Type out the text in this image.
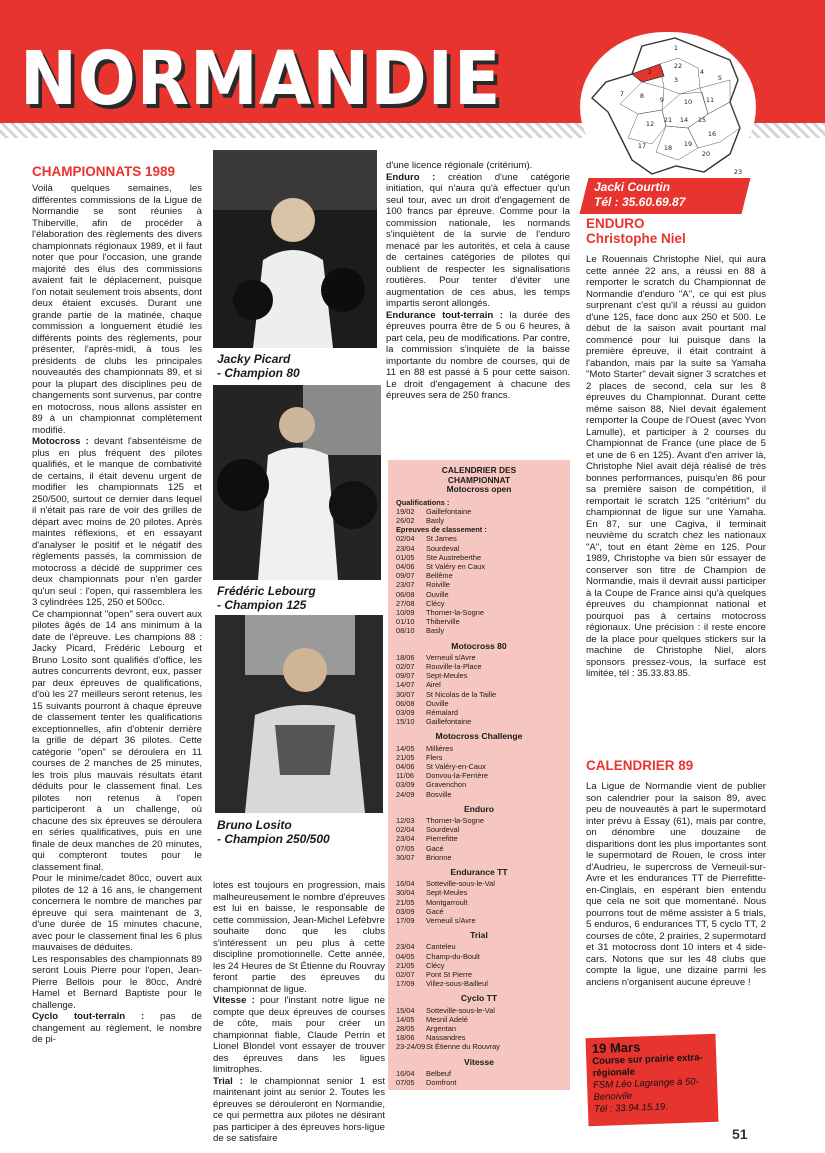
NORMANDIE	1
22
2	4
5
3
8 9	10 11
7
12 21 14 15
16
17	18 19
20
23
Jacki Courtin
Tél : 35.60.69.87
CHAMPIONNATS 1989

Voilà quelques semaines, les différentes commissions de la Ligue de Normandie se sont réunies à Thiberville, afin de procéder à l'élaboration des règlements des divers championnats régionaux 1989, et il faut noter que pour l'occasion, une grande majorité des élus des commissions avaient fait le déplacement, puisque l'on notait seulement trois absents, dont deux étaient excusés. Durant une grande partie de la matinée, chaque commission a longuement étudié les différents points des règlements, pour présenter, l'après-midi, à tous les présidents de clubs les principales nouveautés des championnats 89, et si pour la plupart des disciplines peu de changements sont survenus, par contre en motocross, nous allons assister en 89 à un championnat complètement modifié.

Motocross : devant l'absentéisme de plus en plus fréquent des pilotes qualifiés, et le manque de combativité de certains, il était devenu urgent de modifier les championnats 125 et 250/500, surtout ce dernier dans lequel il n'était pas rare de voir des grilles de départ avec moins de 20 pilotes. Après maintes réflexions, et en essayant d'analyser le positif et le négatif des règlements passés, la commission de motocross a décidé de supprimer ces deux championnats pour n'en garder qu'un seul : l'open, qui rassemblera les 3 cylindrées 125, 250 et 500cc.

Ce championnat "open" sera ouvert aux pilotes âgés de 14 ans minimum à la date de l'épreuve. Les champions 88 : Jacky Picard, Frédéric Lebourg et Bruno Losito sont qualifiés d'office, les autres concurrents devront, eux, passer par deux épreuves de qualifications, d'où les 27 meilleurs seront retenus, les 15 suivants pourront à chaque épreuve de classement tenter les qualifications exceptionnelles, afin d'obtenir derrière la grille de départ 36 pilotes. Cette catégorie "open" se déroulera en 11 courses de 2 manches de 25 minutes, les trois plus mauvais résultats étant déduits pour le classement final. Les pilotes non retenus à l'open participeront à un challenge, où chacune des six épreuves se déroulera en séries qualificatives, puis en une finale de deux manches de 20 minutes, qui compteront toutes pour le classement final.

Pour le minime/cadet 80cc, ouvert aux pilotes de 12 à 16 ans, le changement concernera le nombre de manches par épreuve qui sera maintenant de 3, d'une durée de 15 minutes chacune, avec pour le classement final les 6 plus mauvaises de déduites.

Les responsables des championnats 89 seront Louis Pierre pour l'open, Jean-Pierre Bellois pour le 80cc, André Hamel et Bernard Baptiste pour le challenge.

Cyclo tout-terrain : pas de changement au règlement, le nombre de pi-

Jacky Picard
- Champion 80
Frédéric Lebourg
- Champion 125
Bruno Losito
- Champion 250/500

lotes est toujours en progression, mais malheureusement le nombre d'épreuves est lui en baisse, le responsable de cette commission, Jean-Michel Lefèbvre souhaite donc que les clubs s'intéressent un peu plus à cette discipline promotionnelle. Cette année, les 24 Heures de St Étienne du Rouvray feront partie des épreuves du championnat de ligue.

Vitesse : pour l'instant notre ligue ne compte que deux épreuves de courses de côte, mais pour créer un championnat fiable, Claude Perrin et Lionel Blondel vont essayer de trouver des épreuves dans les ligues limitrophes.

Trial : le championnat senior 1 est maintenant joint au senior 2. Toutes les épreuves se dérouleront en Normandie, ce qui permettra aux pilotes ne désirant pas participer à des épreuves hors-ligue de se satisfaire

d'une licence régionale (critérium).

Enduro : création d'une catégorie initiation, qui n'aura qu'à effectuer qu'un seul tour, avec un droit d'engagement de 100 francs par épreuve. Comme pour la commission nationale, les normands s'inquiètent de la survie de l'enduro menacé par les autorités, et cela à cause de certaines catégories de pilotes qui oublient de respecter les signalisations routières. Pour tenter d'éviter une augmentation de ces abus, les temps impartis seront allongés.

Endurance tout-terrain : la durée des épreuves pourra être de 5 ou 6 heures, à part cela, peu de modifications. Par contre, la commission s'inquiète de la baisse importante du nombre de courses, qui de 11 en 88 est passé à 5 pour cette saison. Le droit d'engagement à chacune des épreuves sera de 250 francs.

CALENDRIER DES
CHAMPIONNAT
Motocross open
Qualifications :
19/02	Gaillefontaine
26/02	Basly
Epreuves de classement :
02/04	St James
23/04	Sourdeval
01/05	Ste Austreberthe
04/06	St Valéry en Caux
09/07	Bellême
23/07	Roiville
06/08	Ouville
27/08	Clécy
10/09	Thorner-la-Sogne
01/10	Thiberville
08/10	Basly
Motocross 80
18/06	Verneuil s/Avre
02/07	Rouville-la-Place
09/07	Sept-Meules
14/07	Airel
30/07	St Nicolas de la Taille
06/08	Ouville
03/09	Rémalard
15/10	Gaillefontaine
Motocross Challenge
14/05	Millières
21/05	Flers
04/06	St Valéry-en-Caux
11/06	Donvou-la-Ferrière
03/09	Gravenchon
24/09	Bosville
Enduro
12/03	Thorner-la-Sogne
02/04	Sourdeval
23/04	Pierrefitte
07/05	Gacé
30/07	Brionne
Endurance TT
16/04	Sotteville-sous-le-Val
30/04	Sept-Meules
21/05	Montgarroult
03/09	Gacé
17/09	Verneuil s/Avre
Trial
23/04	Canteleu
04/05	Champ-du-Boult
21/05	Clécy
02/07	Pont St Pierre
17/09	Villez-sous-Bailleul
Cyclo TT
15/04	Sotteville-sous-le-Val
14/05	Mesnil Adelé
28/05	Argentan
18/06	Nassandres
23-24/09 St Étienne du Rouvray
Vitesse
16/04	Belbeuf
07/05	Domfront
ENDURO
Christophe Niel

Le Rouennais Christophe Niel, qui aura cette année 22 ans, a réussi en 88 à remporter le scratch du Championnat de Normandie d'enduro "A", ce qui est plus surprenant c'est qu'il a réussi au guidon d'une 125, face donc aux 250 et 500. Le début de la saison avait pourtant mal commencé pour lui puisque dans la première épreuve, il était contraint à l'abandon, mais par la suite sa Yamaha "Moto Starter" devait signer 3 scratches et 2 places de second, cela sur les 8 épreuves du Championnat. Durant cette même saison 88, Niel devait également remporter la Coupe de l'Ouest (avec Yvon Lamulle), et participer à 2 courses du Championnat de France (une place de 5 et une de 6 en 125). Avant d'en arriver là, Christophe Niel avait déjà réalisé de très bonnes performances, puisqu'en 86 pour sa première saison de compétition, il remportait le scratch 125 "critérium" du championnat de ligue sur une Yamaha. En 87, sur une Cagiva, il terminait neuvième du scratch chez les nationaux "A", tout en étant 2ème en 125. Pour 1989, Christophe va bien sûr essayer de conserver son titre de Champion de Normandie, mais il devrait aussi participer à la Coupe de France ainsi qu'à quelques épreuves du championnat national et pourquoi pas à certains motocross régionaux. Une précision : il reste encore de la place pour quelques stickers sur la machine de Christophe Niel, alors sponsors pressez-vous, la surface est limitée, tél : 35.33.83.85.

CALENDRIER 89

La Ligue de Normandie vient de publier son calendrier pour la saison 89, avec peu de nouveautés à part le supermotard inter prévu à Essay (61), mais par contre, on dénombre une douzaine de disparitions dont les plus importantes sont le supermotard de Rouen, le cross inter d'Audrieu, le supercross de Verneuil-sur-Avre et les endurances TT de Pierrefitte-en-Cinglais, en espérant bien entendu que cela ne soit que momentané. Nous pourrons tout de même assister à 5 trials, 5 enduros, 6 endurances TT, 5 cyclo TT, 2 courses de côte, 2 prairies, 2 supermotard et 31 motocross dont 10 inters et 4 side-cars. Notons que sur les 48 clubs que compte la ligue, une dizaine parmi les anciens n'organisent aucune épreuve !

19 Mars
Course sur prairie extra-régionale
FSM Léo Lagrange à 50-Benoivile
Tél : 33.94.15.19.
51
